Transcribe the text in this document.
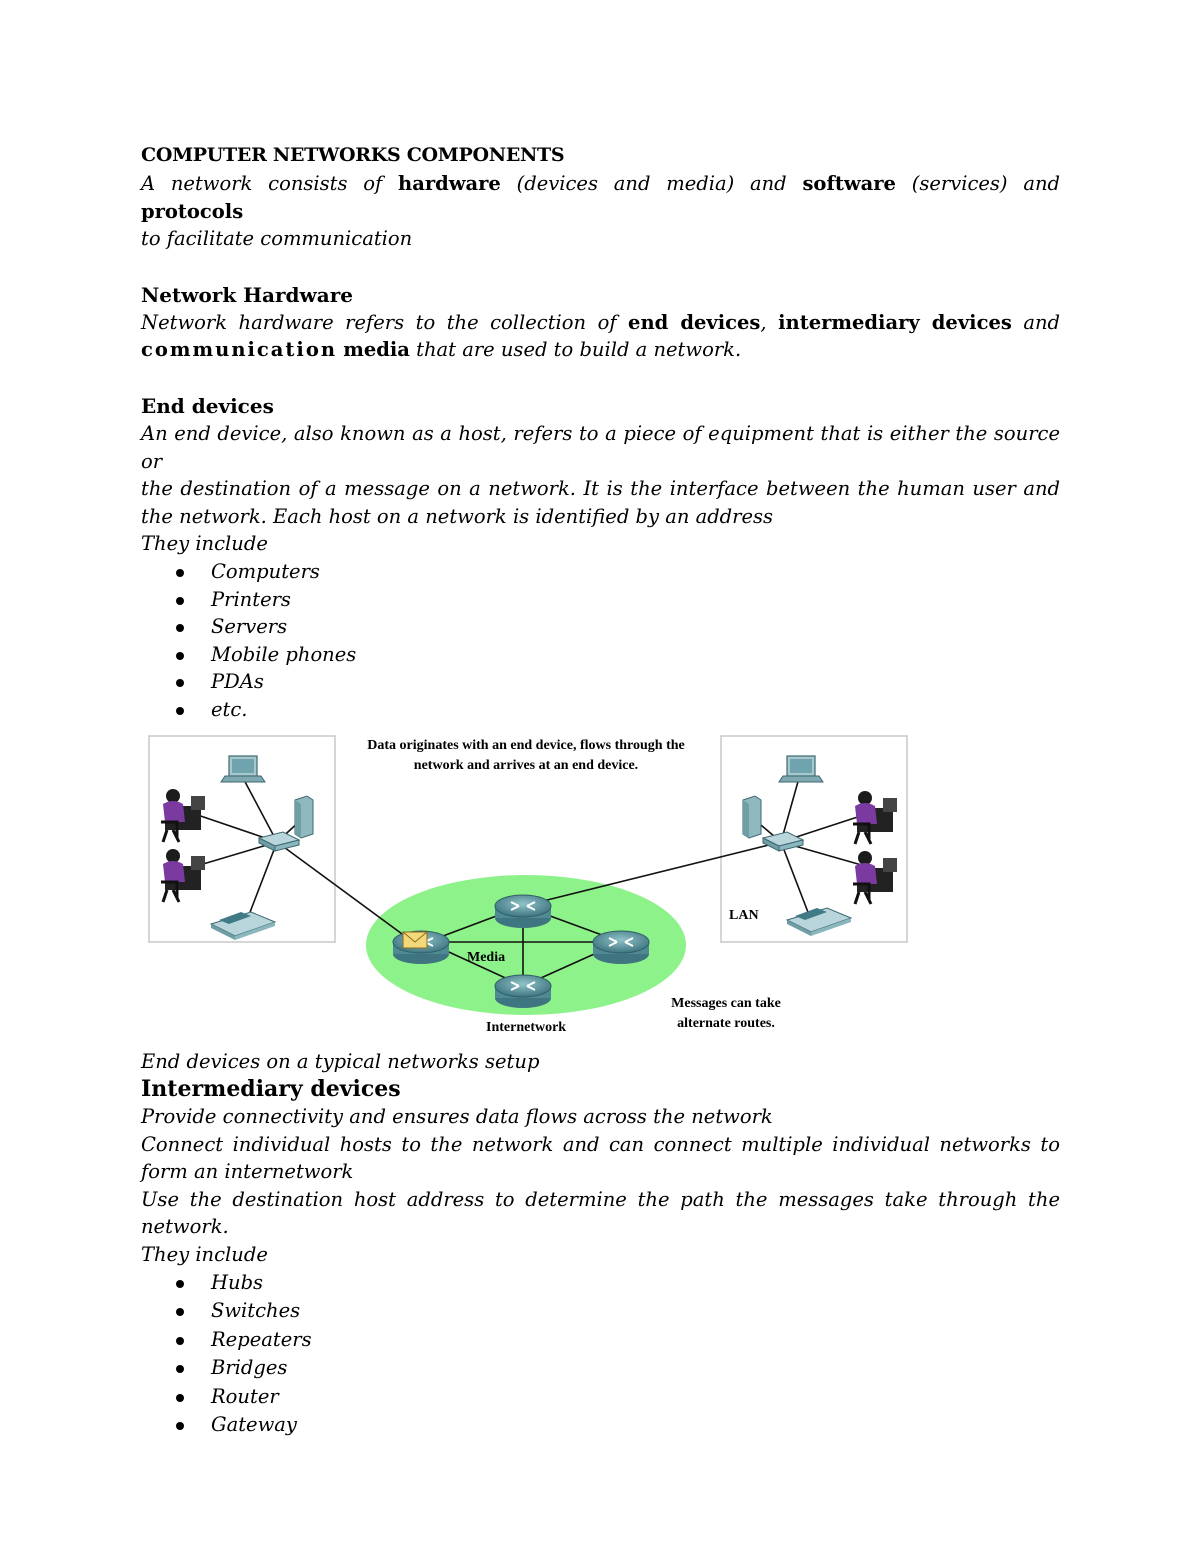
COMPUTER NETWORKS COMPONENTS

A network consists of hardware (devices and media) and software (services) and protocols

to facilitate communication

Network Hardware

Network hardware refers to the collection of end devices, intermediary devices and

communication media that are used to build a network.

End devices

An end device, also known as a host, refers to a piece of equipment that is either the source or

the destination of a message on a network. It is the interface between the human user and

the network. Each host on a network is identified by an address

They include

Computers
Printers
Servers
Mobile phones
PDAs
etc.
Data originates with an end device, flows through the
network and arrives at an end device.
LAN
Media
Internetwork
Messages can take
alternate routes.

End devices on a typical networks setup

Intermediary devices

Provide connectivity and ensures data flows across the network

Connect individual hosts to the network and can connect multiple individual networks to

form an internetwork

Use the destination host address to determine the path the messages take through the

network.

They include

Hubs
Switches
Repeaters
Bridges
Router
Gateway
